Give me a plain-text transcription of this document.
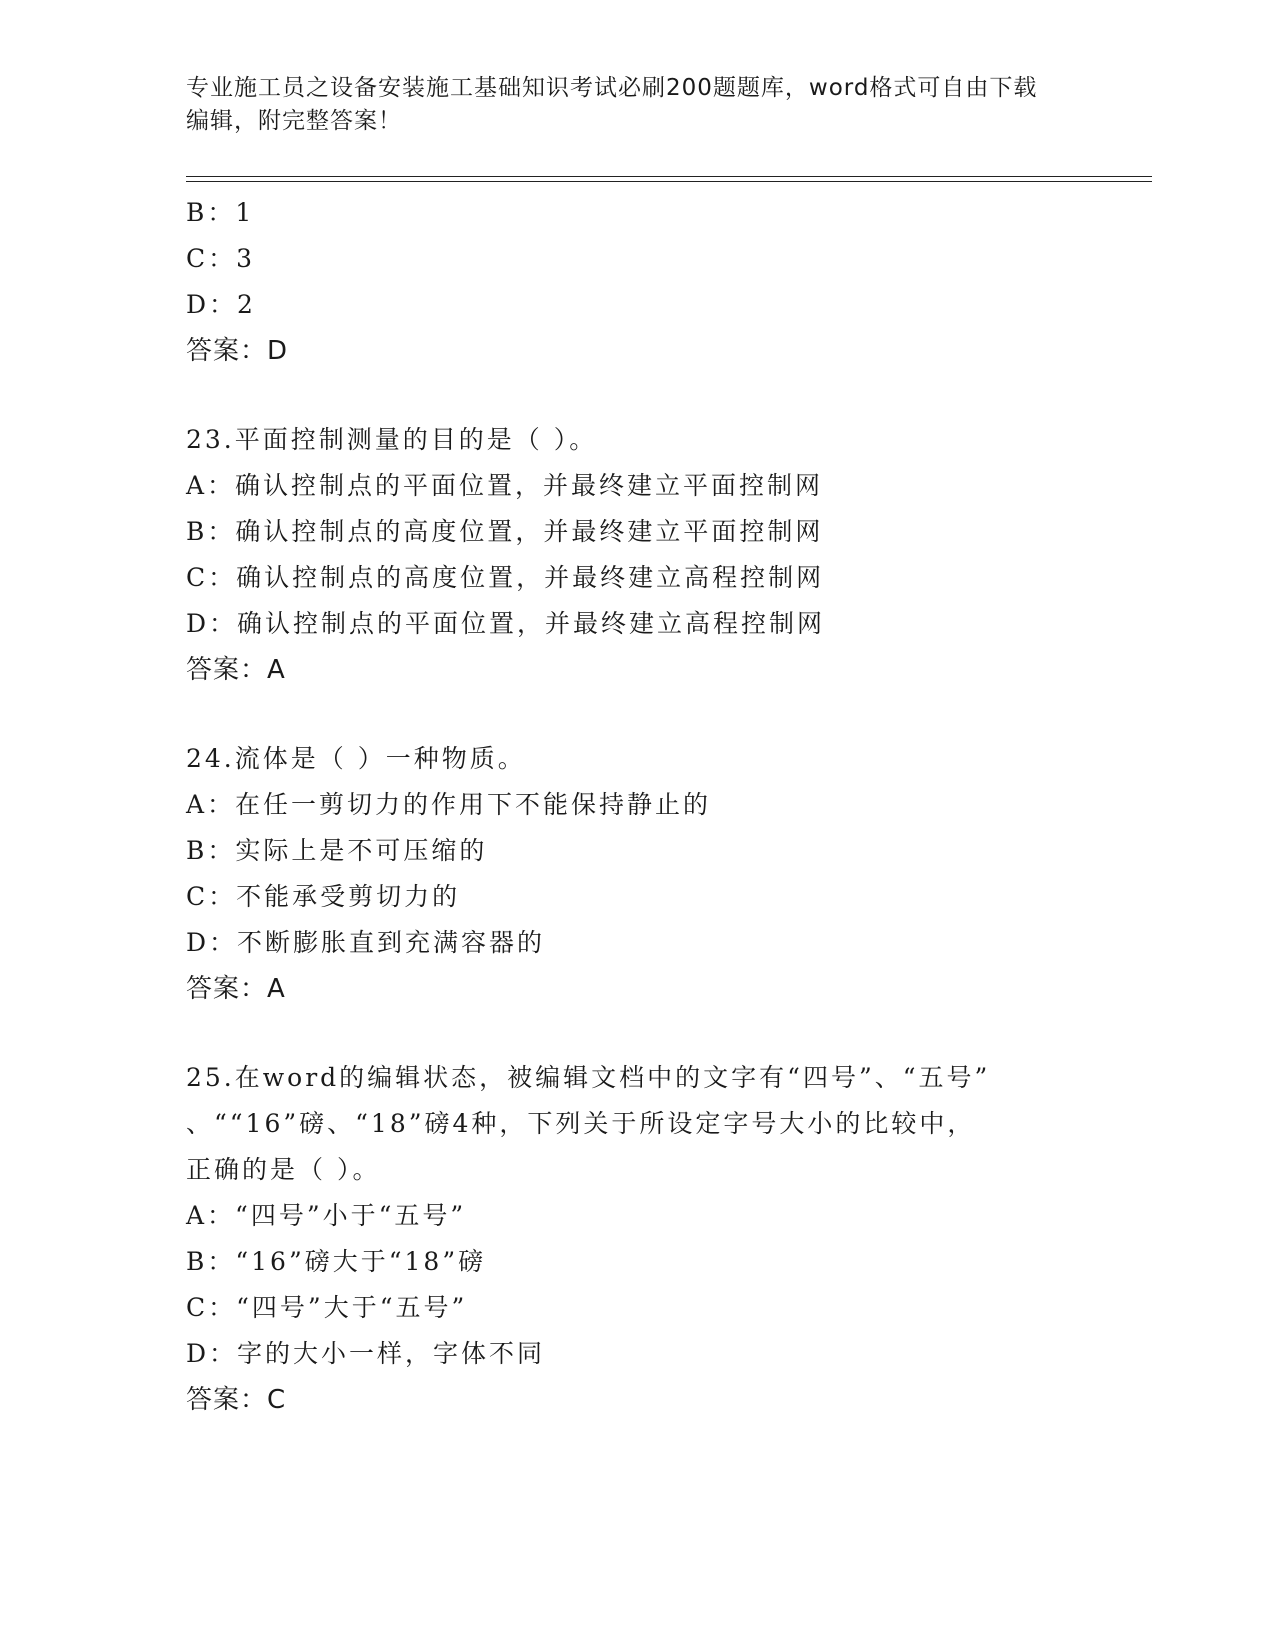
专业施工员之设备安装施工基础知识考试必刷200题题库，word格式可自由下载
编辑，附完整答案！
B：1
C：3
D：2
答案：D
23.平面控制测量的目的是（ ）。
A：确认控制点的平面位置，并最终建立平面控制网
B：确认控制点的高度位置，并最终建立平面控制网
C：确认控制点的高度位置，并最终建立高程控制网
D：确认控制点的平面位置，并最终建立高程控制网
答案：A
24.流体是（ ）一种物质。
A：在任一剪切力的作用下不能保持静止的
B：实际上是不可压缩的
C：不能承受剪切力的
D：不断膨胀直到充满容器的
答案：A
25.在word的编辑状态，被编辑文档中的文字有“四号”、“五号”
、““16”磅、“18”磅4种，下列关于所设定字号大小的比较中，
正确的是（ ）。
A：“四号”小于“五号”
B：“16”磅大于“18”磅
C：“四号”大于“五号”
D：字的大小一样，字体不同
答案：C
